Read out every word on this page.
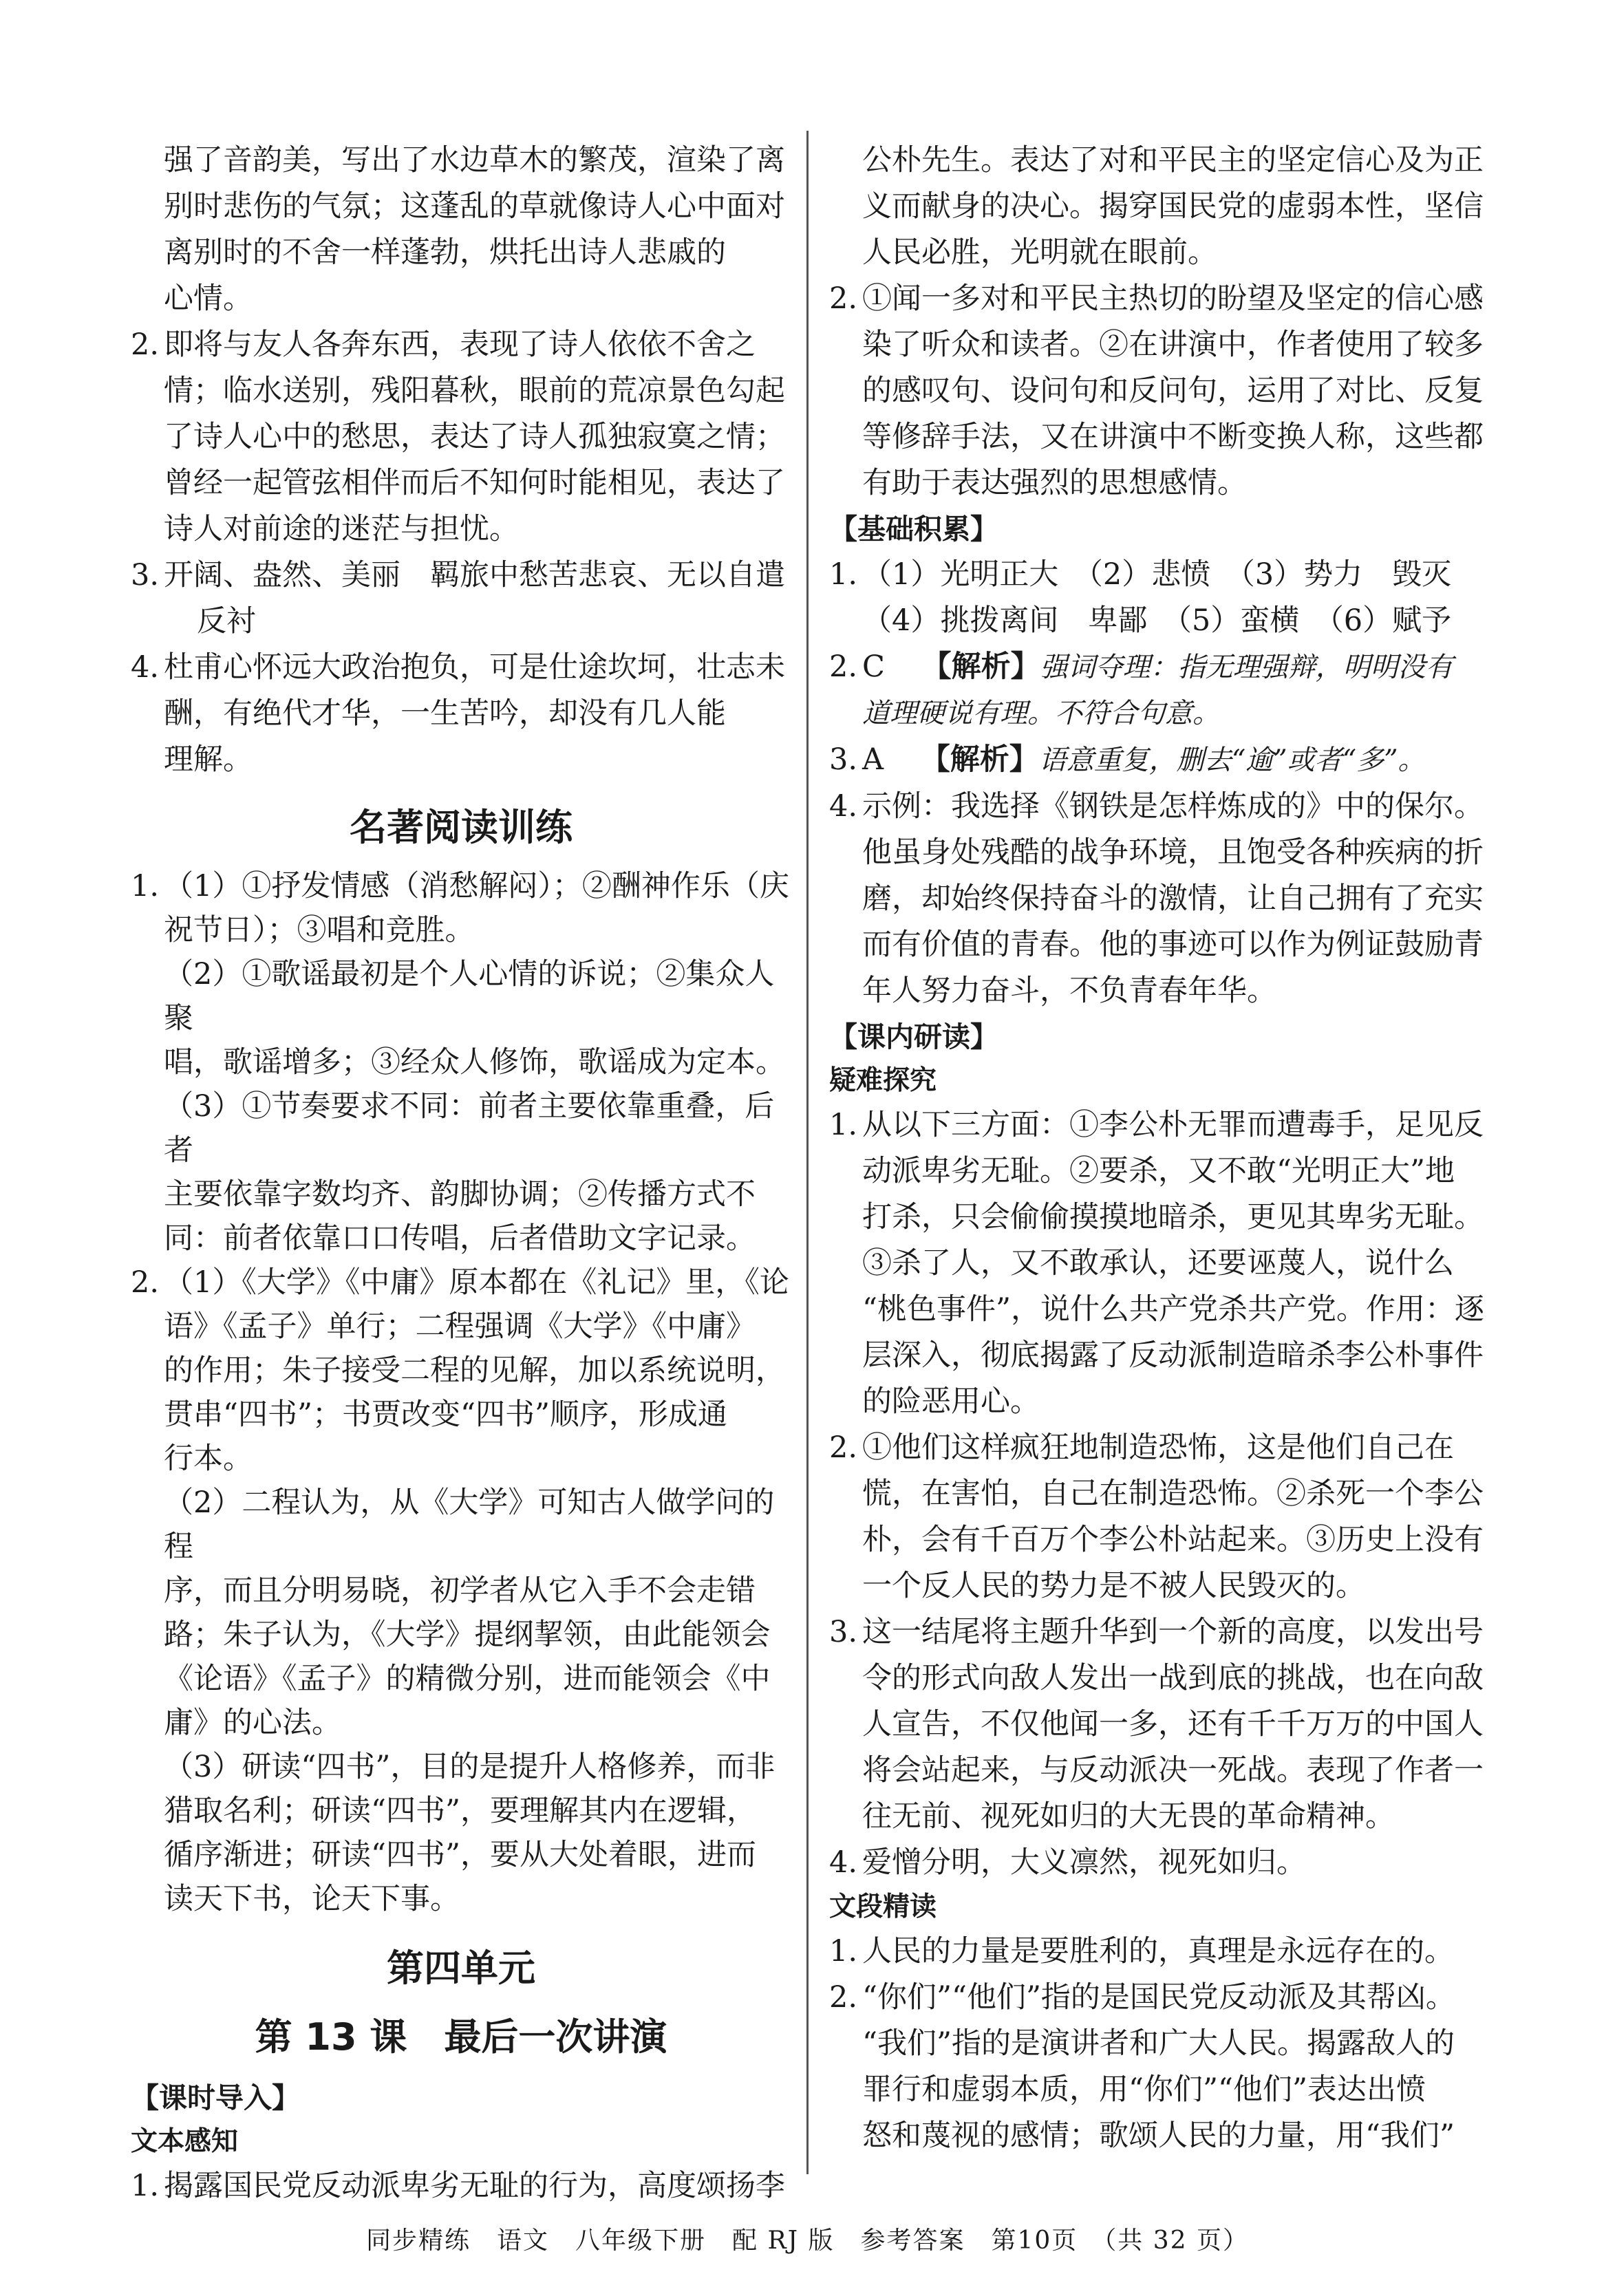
强了音韵美，写出了水边草木的繁茂，渲染了离
别时悲伤的气氛；这蓬乱的草就像诗人心中面对
离别时的不舍一样蓬勃，烘托出诗人悲戚的
心情。
2. 即将与友人各奔东西，表现了诗人依依不舍之
情；临水送别，残阳暮秋，眼前的荒凉景色勾起
了诗人心中的愁思，表达了诗人孤独寂寞之情；
曾经一起管弦相伴而后不知何时能相见，表达了
诗人对前途的迷茫与担忧。
3. 开阔、盎然、美丽　羁旅中愁苦悲哀、无以自遣
反衬
4. 杜甫心怀远大政治抱负，可是仕途坎坷，壮志未
酬，有绝代才华，一生苦吟，却没有几人能
理解。
名著阅读训练
1. （1）①抒发情感（消愁解闷）；②酬神作乐（庆
祝节日）；③唱和竞胜。
（2）①歌谣最初是个人心情的诉说；②集众人聚
唱，歌谣增多；③经众人修饰，歌谣成为定本。
（3）①节奏要求不同：前者主要依靠重叠，后者
主要依靠字数均齐、韵脚协调；②传播方式不
同：前者依靠口口传唱，后者借助文字记录。
2. （1）《大学》《中庸》原本都在《礼记》里，《论
语》《孟子》单行；二程强调《大学》《中庸》
的作用；朱子接受二程的见解，加以系统说明，
贯串“四书”；书贾改变“四书”顺序，形成通
行本。
（2）二程认为，从《大学》可知古人做学问的程
序，而且分明易晓，初学者从它入手不会走错
路；朱子认为，《大学》提纲挈领，由此能领会
《论语》《孟子》的精微分别，进而能领会《中
庸》的心法。
（3）研读“四书”，目的是提升人格修养，而非
猎取名利；研读“四书”，要理解其内在逻辑，
循序渐进；研读“四书”，要从大处着眼，进而
读天下书，论天下事。
第四单元
第 13 课　最后一次讲演
【课时导入】
文本感知
1. 揭露国民党反动派卑劣无耻的行为，高度颂扬李
公朴先生。表达了对和平民主的坚定信心及为正
义而献身的决心。揭穿国民党的虚弱本性，坚信
人民必胜，光明就在眼前。
2. ①闻一多对和平民主热切的盼望及坚定的信心感
染了听众和读者。②在讲演中，作者使用了较多
的感叹句、设问句和反问句，运用了对比、反复
等修辞手法，又在讲演中不断变换人称，这些都
有助于表达强烈的思想感情。
【基础积累】
1. （1）光明正大　（2）悲愤　（3）势力　毁灭
（4）挑拨离间　卑鄙　（5）蛮横　（6）赋予
2. C 【解析】强词夺理：指无理强辩，明明没有
道理硬说有理。不符合句意。
3. A 【解析】语意重复，删去“逾”或者“多”。
4. 示例：我选择《钢铁是怎样炼成的》中的保尔。
他虽身处残酷的战争环境，且饱受各种疾病的折
磨，却始终保持奋斗的激情，让自己拥有了充实
而有价值的青春。他的事迹可以作为例证鼓励青
年人努力奋斗，不负青春年华。
【课内研读】
疑难探究
1. 从以下三方面：①李公朴无罪而遭毒手，足见反
动派卑劣无耻。②要杀，又不敢“光明正大”地
打杀，只会偷偷摸摸地暗杀，更见其卑劣无耻。
③杀了人，又不敢承认，还要诬蔑人，说什么
“桃色事件”，说什么共产党杀共产党。作用：逐
层深入，彻底揭露了反动派制造暗杀李公朴事件
的险恶用心。
2. ①他们这样疯狂地制造恐怖，这是他们自己在
慌，在害怕，自己在制造恐怖。②杀死一个李公
朴，会有千百万个李公朴站起来。③历史上没有
一个反人民的势力是不被人民毁灭的。
3. 这一结尾将主题升华到一个新的高度，以发出号
令的形式向敌人发出一战到底的挑战，也在向敌
人宣告，不仅他闻一多，还有千千万万的中国人
将会站起来，与反动派决一死战。表现了作者一
往无前、视死如归的大无畏的革命精神。
4. 爱憎分明，大义凛然，视死如归。
文段精读
1. 人民的力量是要胜利的，真理是永远存在的。
2. “你们”“他们”指的是国民党反动派及其帮凶。
“我们”指的是演讲者和广大人民。揭露敌人的
罪行和虚弱本质，用“你们”“他们”表达出愤
怒和蔑视的感情；歌颂人民的力量，用“我们”
同步精练　语文　八年级下册　配 RJ 版　参考答案　第10页　（共 32 页）
